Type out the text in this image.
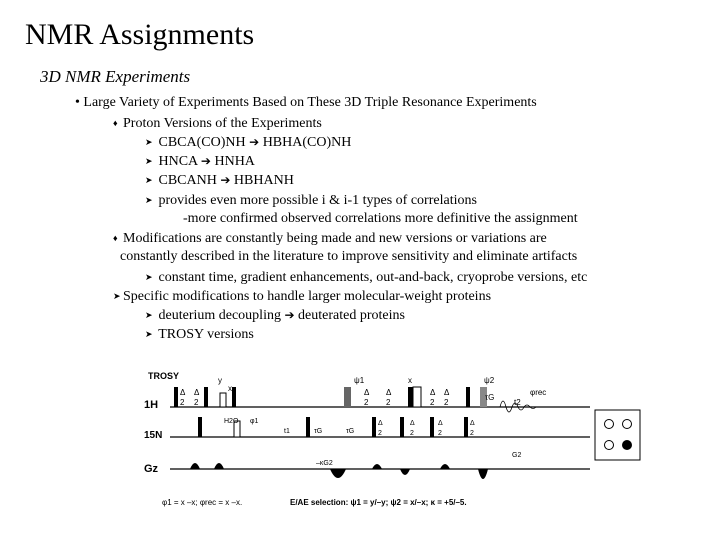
NMR Assignments
3D NMR Experiments
• Large Variety of Experiments Based on These 3D Triple Resonance Experiments
♦ Proton Versions of the Experiments
➤ CBCA(CO)NH ➔ HBHA(CO)NH
➤ HNCA ➔ HNHA
➤ CBCANH ➔ HBHANH
➤ provides even more possible i & i-1 types of correlations
-more confirmed observed correlations more definitive the assignment
♦ Modifications are constantly being made and new versions or variations are
constantly described in the literature to improve sensitivity and eliminate artifacts
➤ constant time, gradient enhancements, out-and-back, cryoprobe versions, etc
➤ Specific modifications to handle larger molecular-weight proteins
➤ deuterium decoupling ➔ deuterated proteins
➤ TROSY versions
TROSY
1H
15N
Gz
Δ
2
Δ
2
Δ
2
Δ
2
Δ
2
Δ
2
τG
t2
φrec
ψ1
y
x
x	ψ2
H2O φ1
t1	τG	τG
Δ
2
Δ
2
Δ
2
Δ
2
–κG2
G2
φ1 = x –x; φrec = x –x.	E/AE selection: ψ1 = y/–y; ψ2 = x/–x; κ = +5/–5.
